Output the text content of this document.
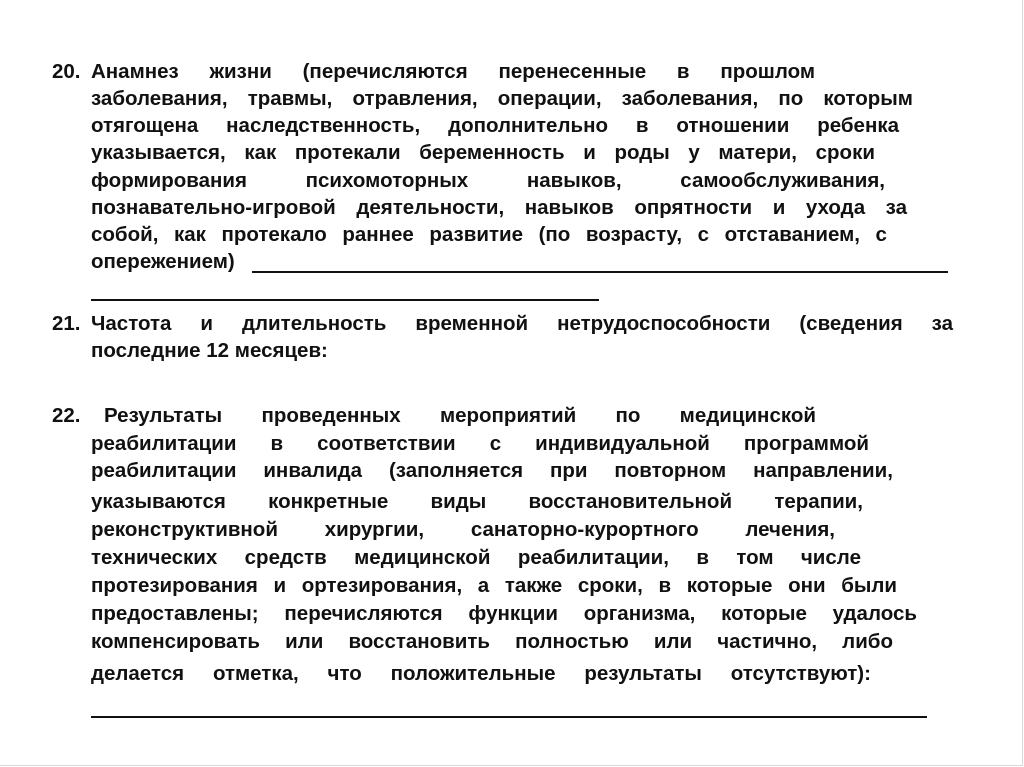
20. Анамнез жизни (перечисляются перенесенные в прошлом
заболевания, травмы, отравления, операции, заболевания, по которым
отягощена наследственность, дополнительно в отношении ребенка
указывается, как протекали беременность и роды у матери, сроки
формирования	психомоторных	навыков,	самообслуживания,
познавательно-игровой деятельности, навыков опрятности и ухода за
собой, как протекало раннее развитие (по возрасту, с отставанием, с
опережением)
21. Частота и длительность временной нетрудоспособности (сведения за
последние 12 месяцев:
22. Результаты проведенных мероприятий по медицинской
реабилитации в соответствии с индивидуальной программой
реабилитации инвалида (заполняется при повторном направлении,
указываются конкретные виды восстановительной терапии,
реконструктивной хирургии, санаторно-курортного лечения,
технических средств медицинской реабилитации, в том числе
протезирования и ортезирования, а также сроки, в которые они были
предоставлены; перечисляются функции организма, которые удалось
компенсировать или восстановить полностью или частично, либо
делается отметка, что положительные результаты отсутствуют):
